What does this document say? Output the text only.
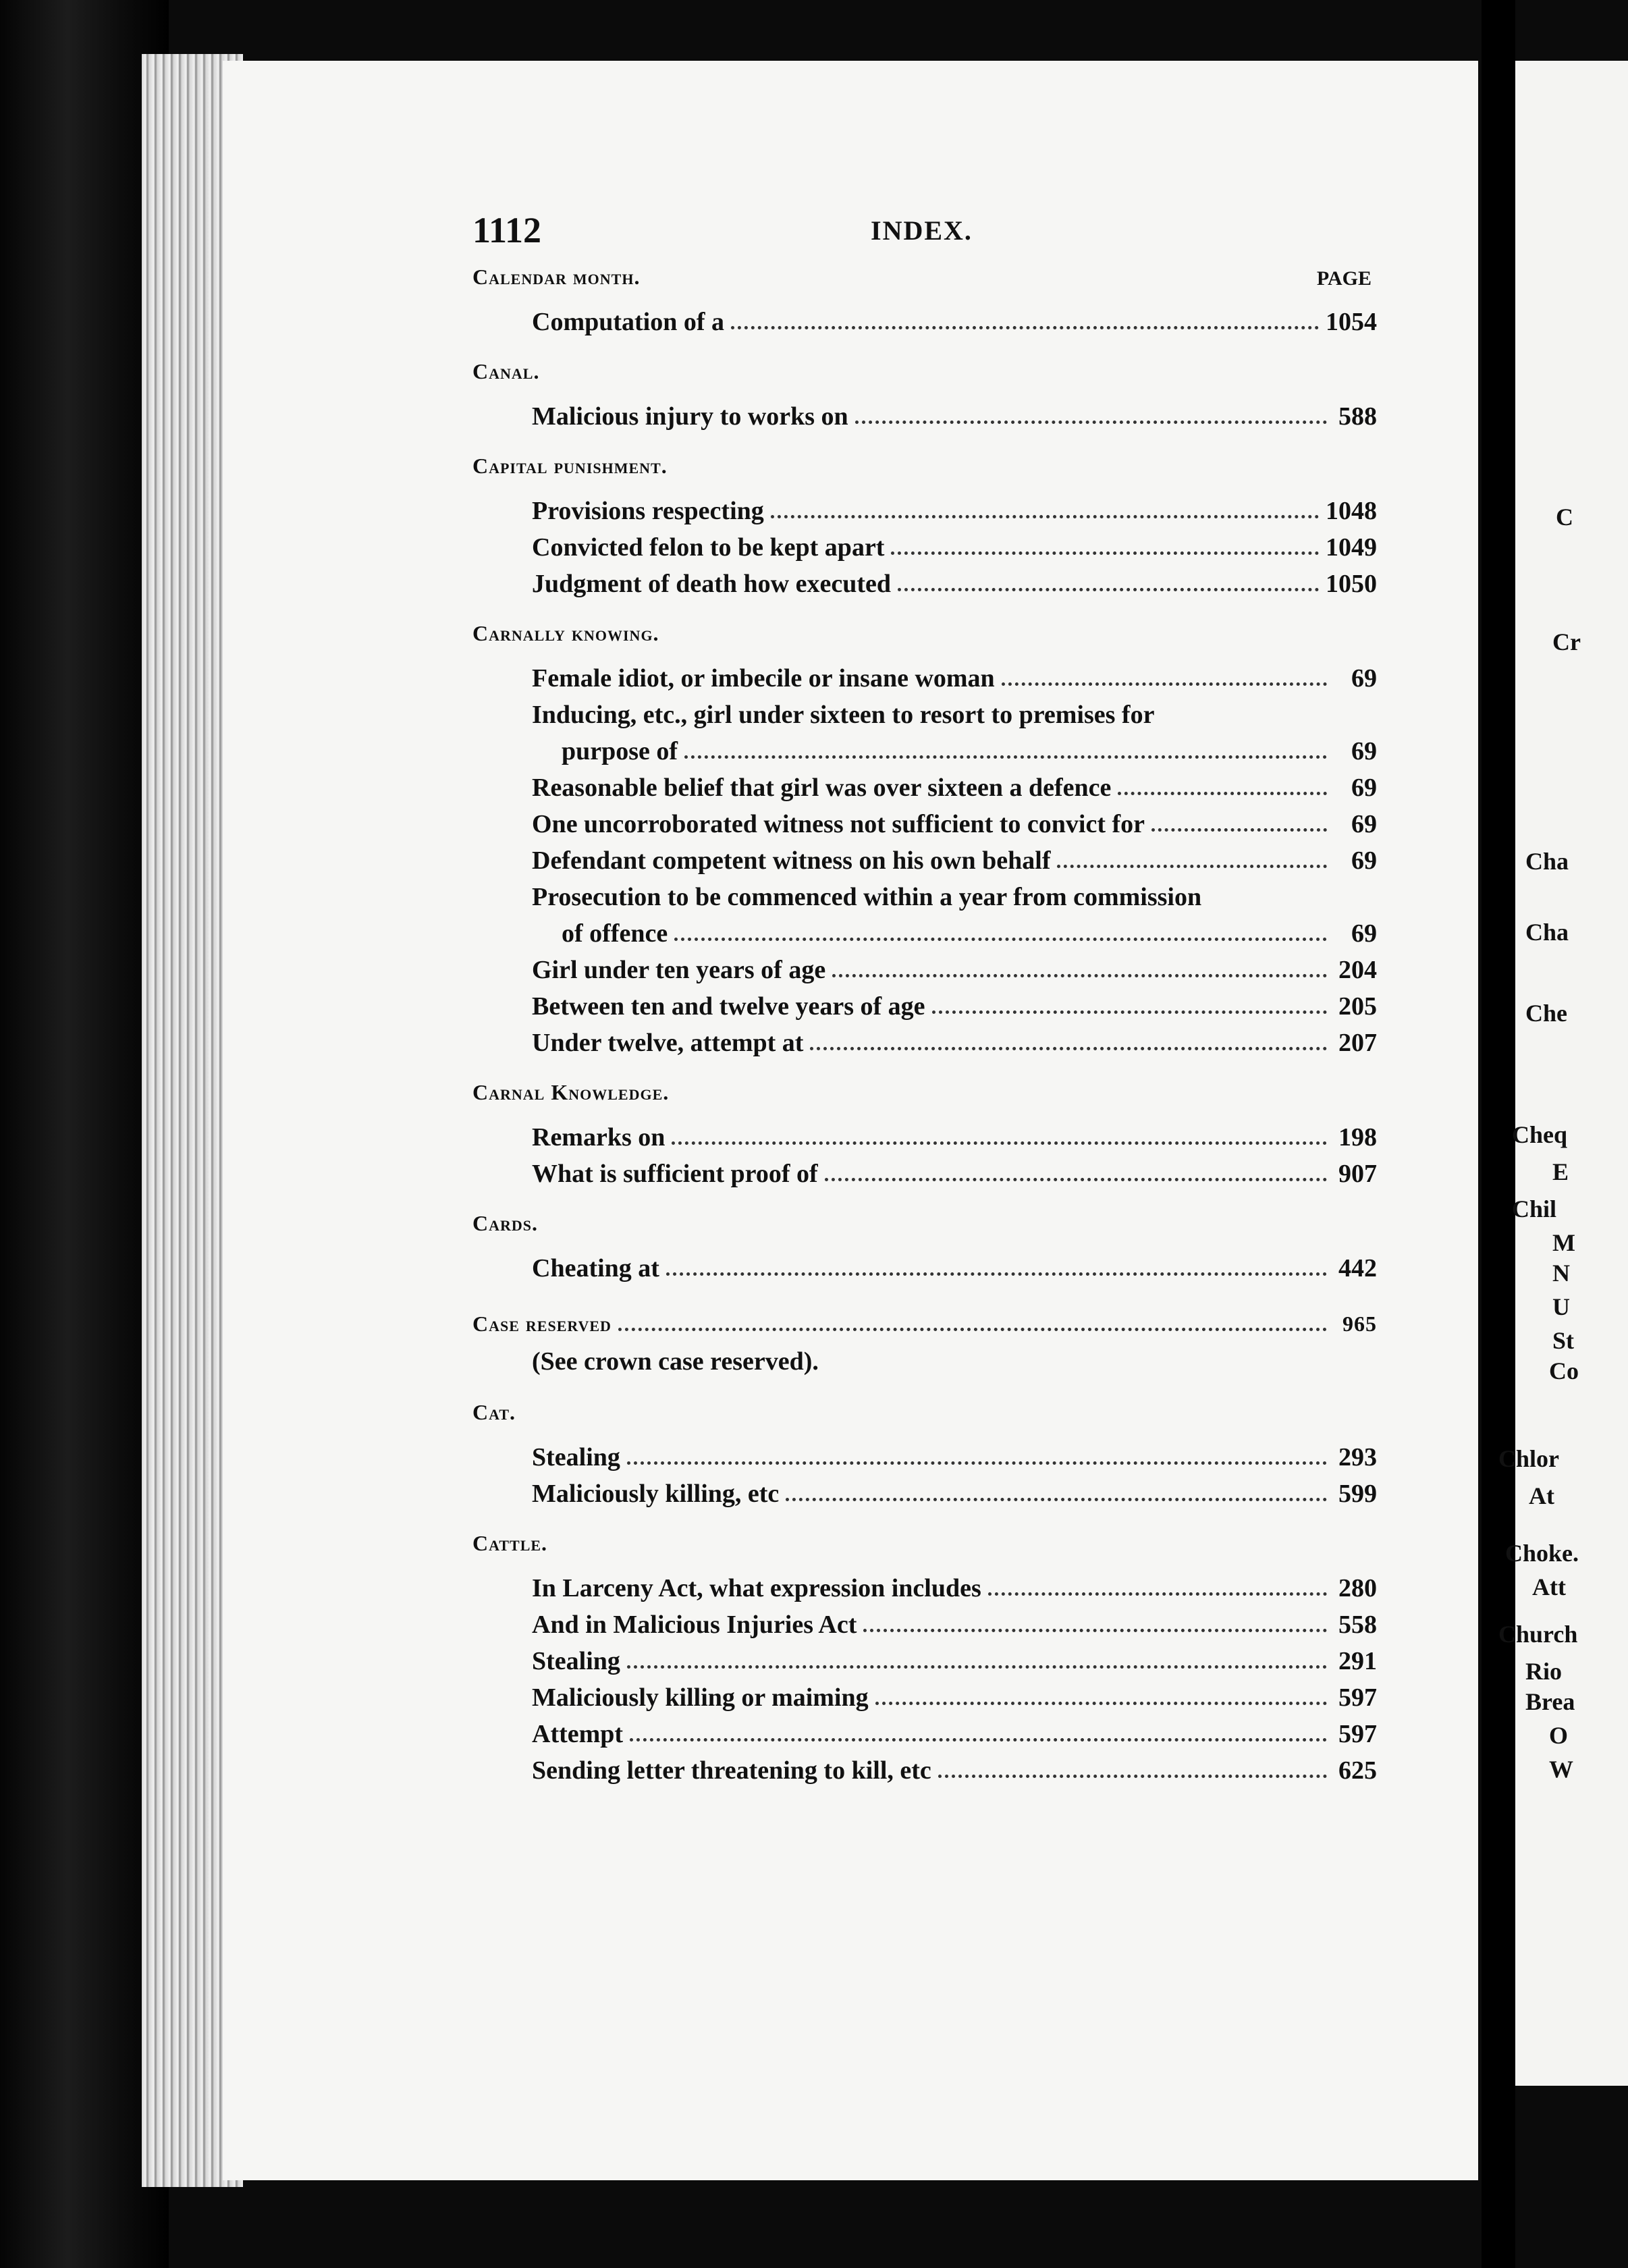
C
Cr
Cha
Cha
Che
Cheq
E
Chil
M
N
U
St
Co
Chlor
At
Choke.
Att
Church
Rio
Brea
O
W
1112	INDEX.
Calendar month.	PAGE
Computation of a	1054
Canal.
Malicious injury to works on	588
Capital punishment.
Provisions respecting	1048
Convicted felon to be kept apart	1049
Judgment of death how executed	1050
Carnally knowing.
Female idiot, or imbecile or insane woman	69
Inducing, etc., girl under sixteen to resort to premises for
purpose of	69
Reasonable belief that girl was over sixteen a defence	69
One uncorroborated witness not sufficient to convict for	69
Defendant competent witness on his own behalf	69
Prosecution to be commenced within a year from commission
of offence	69
Girl under ten years of age	204
Between ten and twelve years of age	205
Under twelve, attempt at	207
Carnal Knowledge.
Remarks on	198
What is sufficient proof of	907
Cards.
Cheating at	442
Case reserved	965
(See crown case reserved).
Cat.
Stealing	293
Maliciously killing, etc	599
Cattle.
In Larceny Act, what expression includes	280
And in Malicious Injuries Act	558
Stealing	291
Maliciously killing or maiming	597
Attempt	597
Sending letter threatening to kill, etc	625
